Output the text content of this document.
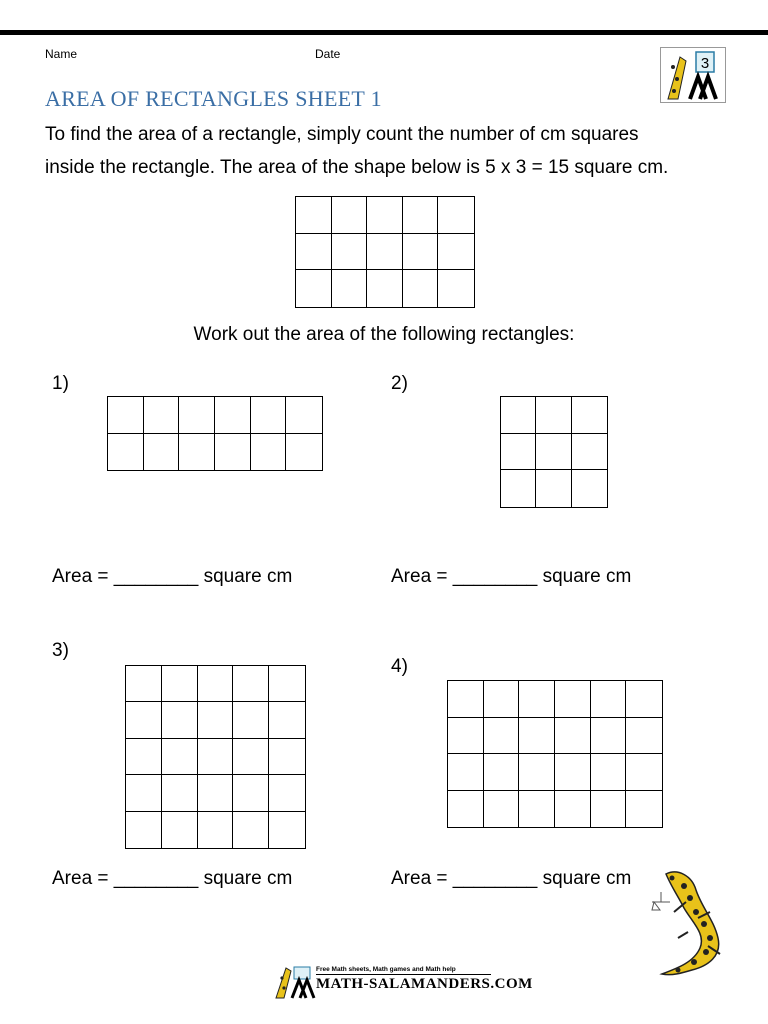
Name	Date
3
AREA OF RECTANGLES SHEET 1
To find the area of a rectangle, simply count the number of cm squares
inside the rectangle. The area of the shape below is 5 x 3 = 15 square cm.
Work out the area of the following rectangles:
1)
Area = ________ square cm
2)
Area = ________ square cm
3)
Area = ________ square cm
4)
Area = ________ square cm
Free Math sheets, Math games and Math help
MATH-SALAMANDERS.COM
